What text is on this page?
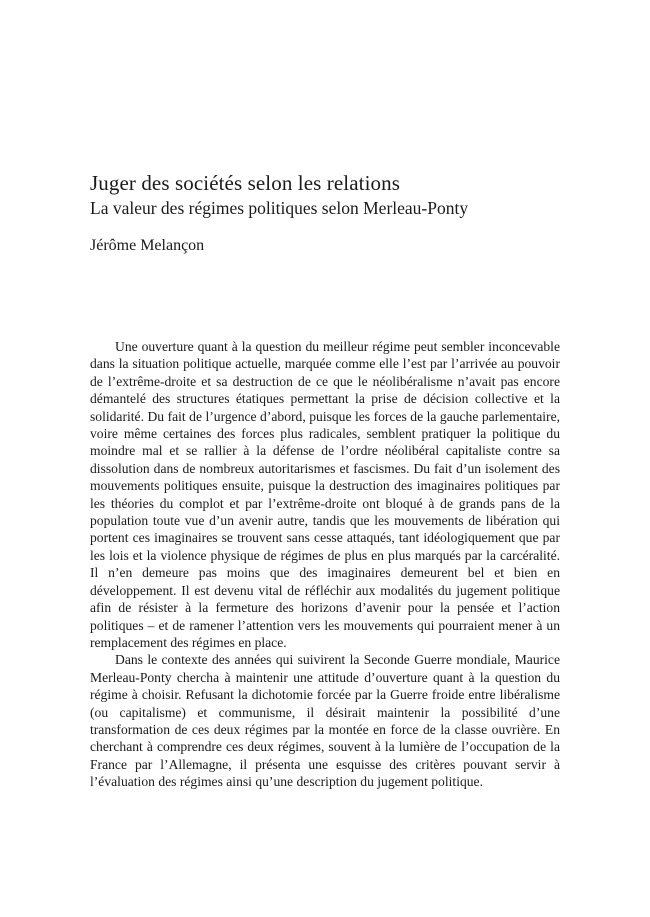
Juger des sociétés selon les relations
La valeur des régimes politiques selon Merleau-Ponty
Jérôme Melançon

Une ouverture quant à la question du meilleur régime peut sembler inconcevable dans la situation politique actuelle, marquée comme elle l’est par l’arrivée au pouvoir de l’extrême-droite et sa destruction de ce que le néolibéralisme n’avait pas encore démantelé des structures étatiques permettant la prise de décision collective et la solidarité. Du fait de l’urgence d’abord, puisque les forces de la gauche parlementaire, voire même certaines des forces plus radicales, semblent pratiquer la politique du moindre mal et se rallier à la défense de l’ordre néolibéral capitaliste contre sa dissolution dans de nombreux autoritarismes et fascismes. Du fait d’un isolement des mouvements politiques ensuite, puisque la destruction des imaginaires politiques par les théories du complot et par l’extrême-droite ont bloqué à de grands pans de la population toute vue d’un avenir autre, tandis que les mouvements de libération qui portent ces imaginaires se trouvent sans cesse attaqués, tant idéologiquement que par les lois et la violence physique de régimes de plus en plus marqués par la carcéralité. Il n’en demeure pas moins que des imaginaires demeurent bel et bien en développement. Il est devenu vital de réfléchir aux modalités du jugement politique afin de résister à la fermeture des horizons d’avenir pour la pensée et l’action politiques – et de ramener l’attention vers les mouvements qui pourraient mener à un remplacement des régimes en place.

Dans le contexte des années qui suivirent la Seconde Guerre mondiale, Maurice Merleau-Ponty chercha à maintenir une attitude d’ouverture quant à la question du régime à choisir. Refusant la dichotomie forcée par la Guerre froide entre libéralisme (ou capitalisme) et communisme, il désirait maintenir la possibilité d’une transformation de ces deux régimes par la montée en force de la classe ouvrière. En cherchant à comprendre ces deux régimes, souvent à la lumière de l’occupation de la France par l’Allemagne, il présenta une esquisse des critères pouvant servir à l’évaluation des régimes ainsi qu’une description du jugement politique.
